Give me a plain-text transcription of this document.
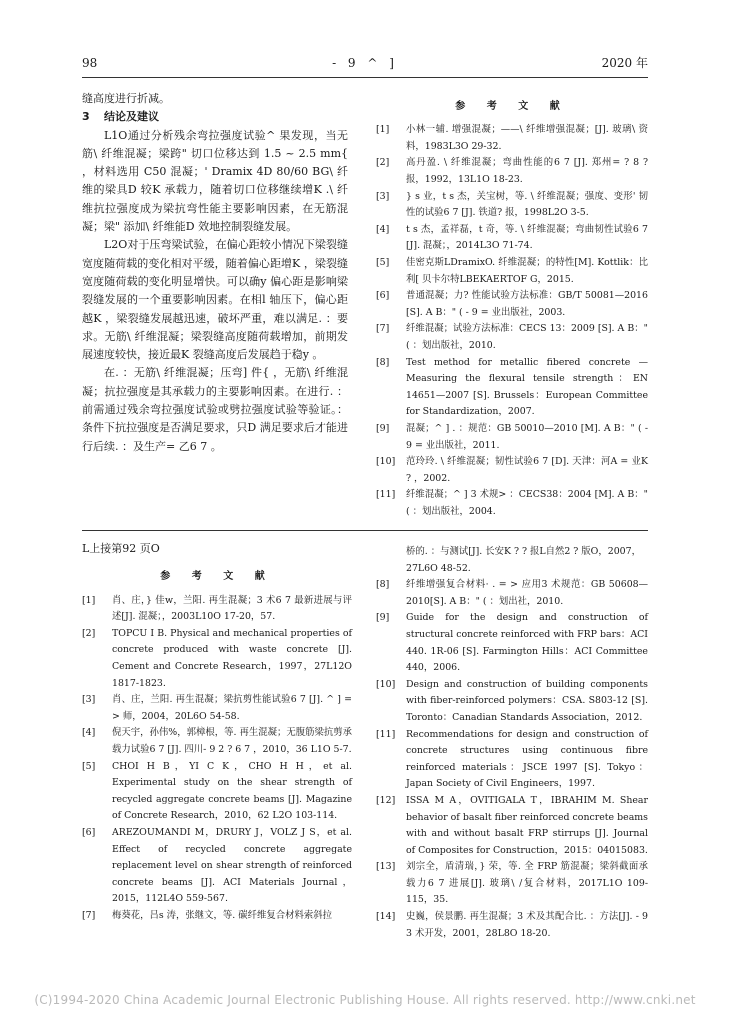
98	- 9 ^ ]	2020 年

缝高度进行折减。

3 结论及建议

L1O通过分析残余弯拉强度试验^ 果发现，当无筋\ 纤维混凝；梁跨" 切口位移达到 1.5 ~ 2.5 mm{ ，材料选用 C50 混凝；' Dramix 4D 80/60 BG\ 纤维的梁具D 较K 承载力，随着切口位移继续增K .\ 纤维抗拉强度成为梁抗弯性能主要影响因素，在无筋混凝；梁" 添加\ 纤维能D 效地控制裂缝发展。

L2O对于压弯梁试验，在偏心距较小情况下梁裂缝宽度随荷载的变化相对平缓，随着偏心距增K ，梁裂缝宽度随荷载的变化明显增快。可以确y 偏心距是影响梁裂缝发展的一个重要影响因素。在相l 轴压下，偏心距越K ，梁裂缝发展越迅速，破坏严重，难以满足. ：要求。无筋\ 纤维混凝；梁裂缝高度随荷载增加，前期发展速度较快，接近最K 裂缝高度后发展趋于稳y 。

在. ：无筋\ 纤维混凝；压弯] 件{ ，无筋\ 纤维混凝；抗拉强度是其承载力的主要影响因素。在进行. ：前需通过残余弯拉强度试验或劈拉强度试验等验证。：条件下抗拉强度是否满足要求，只D 满足要求后才能进行后续. ：及生产= 乙6 7 。

参 考 文 献

[1] 小林一辅. 增强混凝；——\ 纤维增强混凝；[J]. 玻璃\ 资料，1983L3O 29-32.
[2] 高丹盈. \ 纤维混凝；弯曲性能的6 7 [J]. 郑州= ? 8 ? 报，1992，13L1O 18-23.
[3] } s 业，t s 杰，关宝树，等. \ 纤维混凝；强度、变形' 韧性的试验6 7 [J]. 铁道? 报，1998L2O 3-5.
[4] t s 杰，孟祥磊，t 奇，等. \ 纤维混凝；弯曲韧性试验6 7 [J]. 混凝；，2014L3O 71-74.
[5] 佳密克斯LDramixO. 纤维混凝；的特性[M]. Kottlik：比利[ 贝卡尔特LBEKAERTOF G，2015.
[6] 普通混凝；力? 性能试验方法标准：GB/T 50081—2016 [S]. A B：" ( - 9 = 业出版社，2003.
[7] 纤维混凝；试验方法标准：CECS 13：2009 [S]. A B：" ( ：划出版社，2010.
[8] Test method for metallic fibered concrete — Measuring the flexural tensile strength：EN 14651—2007 [S]. Brussels：European Committee for Standardization，2007.
[9] 混凝；^ ] . ：规范：GB 50010—2010 [M]. A B：" ( - 9 = 业出版社，2011.
[10] 范玲玲. \ 纤维混凝；韧性试验6 7 [D]. 天津：河A = 业K ? ，2002.
[11] 纤维混凝；^ ] 3 术规> ：CECS38：2004 [M]. A B：" ( ：划出版社，2004.

L上接第92 页O

参 考 文 献

[1] 肖、庄，} 佳w，兰阳. 再生混凝；3 术6 7 最新进展与评述[J]. 混凝；，2003L10O 17-20，57.
[2] TOPCU I B. Physical and mechanical properties of concrete produced with waste concrete [J]. Cement and Concrete Research，1997，27L12O 1817-1823.
[3] 肖、庄，兰阳. 再生混凝；梁抗剪性能试验6 7 [J]. ^ ] = > 师，2004，20L6O 54-58.
[4] 倪天宇，孙伟%，郭樟根，等. 再生混凝；无腹筋梁抗剪承载力试验6 7 [J]. 四川- 9 2 ? 6 7 ，2010，36 L1O 5-7.
[5] CHOI H B，YI C K，CHO H H，et al. Experimental study on the shear strength of recycled aggregate concrete beams [J]. Magazine of Concrete Research，2010，62 L2O 103-114.
[6] AREZOUMANDI M，DRURY J，VOLZ J S，et al. Effect of recycled concrete aggregate replacement level on shear strength of reinforced concrete beams [J]. ACI Materials Journal，2015，112L4O 559-567.
[7] 梅葵花，吕s 涛，张继文，等. 碳纤维复合材料索斜拉

桥的. ：与测试[J]. 长安K ? ? 报L自然2 ? 版O，2007，27L6O 48-52.

[8] 纤维增强复合材料· . = > 应用3 术规范：GB 50608—2010[S]. A B：" ( ：划出社，2010.
[9] Guide for the design and construction of structural concrete reinforced with FRP bars：ACI 440. 1R-06 [S]. Farmington Hills：ACI Committee 440，2006.
[10] Design and construction of building components with fiber-reinforced polymers：CSA. S803-12 [S]. Toronto：Canadian Standards Association，2012.
[11] Recommendations for design and construction of concrete structures using continuous fibre reinforced materials：JSCE 1997 [S]. Tokyo：Japan Society of Civil Engineers，1997.
[12] ISSA M A，OVITIGALA T，IBRAHIM M. Shear behavior of basalt fiber reinforced concrete beams with and without basalt FRP stirrups [J]. Journal of Composites for Construction，2015：04015083.
[13] 刘宗全，盾清瑞，} 荣，等. 全 FRP 筋混凝；梁斜截面承载力6 7 进展[J]. 玻璃\ /复合材料，2017L1O 109-115，35.
[14] 史巍，侯景鹏. 再生混凝；3 术及其配合比. ：方法[J]. - 9 3 术开发，2001，28L8O 18-20.
(C)1994-2020 China Academic Journal Electronic Publishing House. All rights reserved. http://www.cnki.net
